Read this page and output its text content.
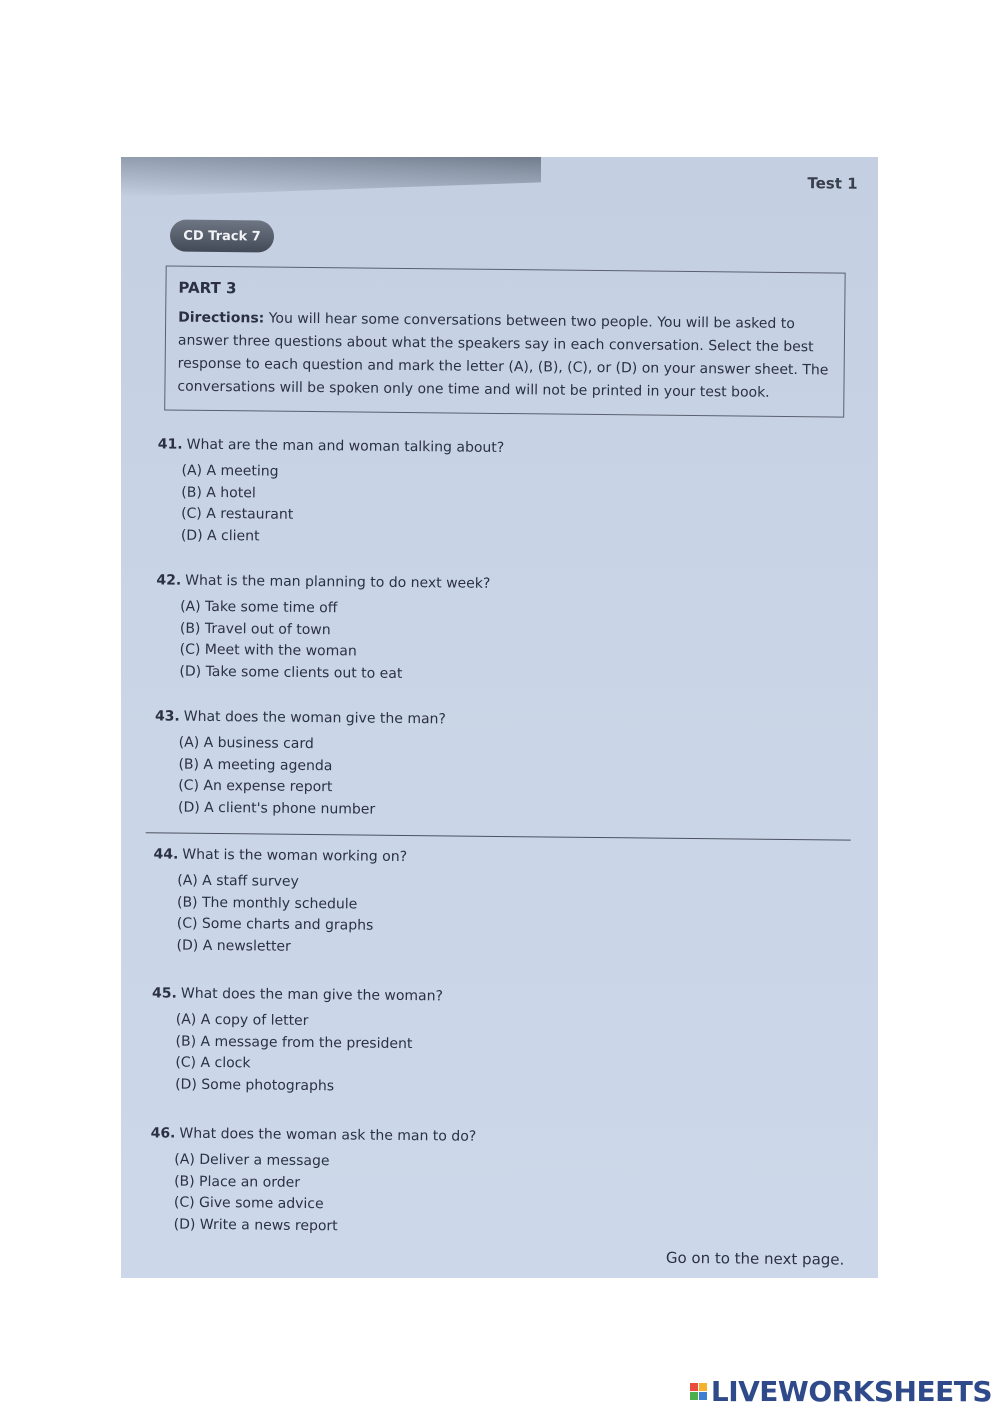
Test 1
CD Track 7
PART 3
Directions: You will hear some conversations between two people. You will be asked to answer three questions about what the speakers say in each conversation. Select the best response to each question and mark the letter (A), (B), (C), or (D) on your answer sheet. The conversations will be spoken only one time and will not be printed in your test book.
41. What are the man and woman talking about?
(A) A meeting
(B) A hotel
(C) A restaurant
(D) A client
42. What is the man planning to do next week?
(A) Take some time off
(B) Travel out of town
(C) Meet with the woman
(D) Take some clients out to eat
43. What does the woman give the man?
(A) A business card
(B) A meeting agenda
(C) An expense report
(D) A client's phone number
44. What is the woman working on?
(A) A staff survey
(B) The monthly schedule
(C) Some charts and graphs
(D) A newsletter
45. What does the man give the woman?
(A) A copy of letter
(B) A message from the president
(C) A clock
(D) Some photographs
46. What does the woman ask the man to do?
(A) Deliver a message
(B) Place an order
(C) Give some advice
(D) Write a news report
Go on to the next page.
LIVEWORKSHEETS
